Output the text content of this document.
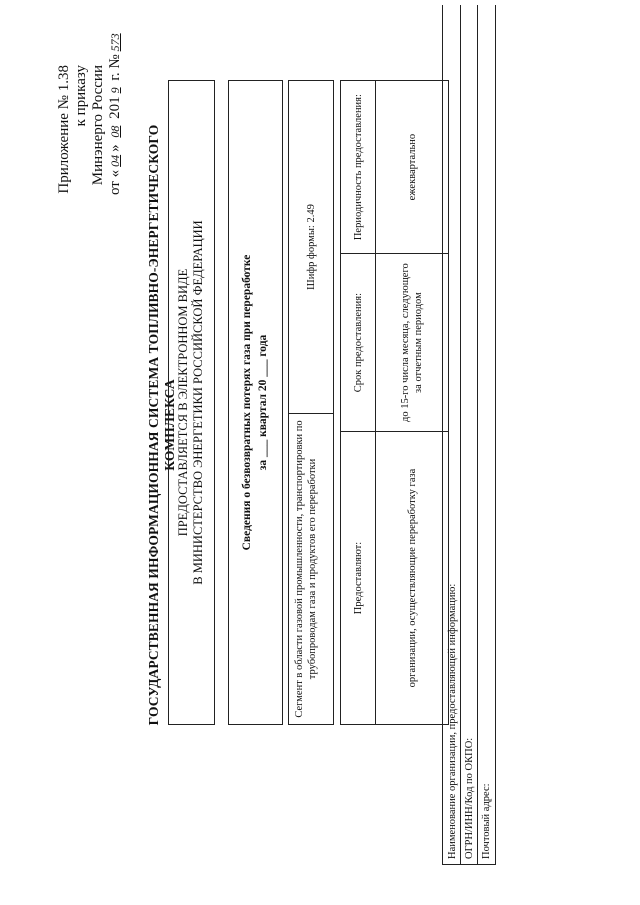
Приложение № 1.38 к приказу Минэнерго России от «04» 08 2019 г. №573
ГОСУДАРСТВЕННАЯ ИНФОРМАЦИОННАЯ СИСТЕМА ТОПЛИВНО-ЭНЕРГЕТИЧЕСКОГО КОМПЛЕКСА ПРЕДОСТАВЛЯЕТСЯ В ЭЛЕКТРОННОМ ВИДЕ В МИНИСТЕРСТВО ЭНЕРГЕТИКИ РОССИЙСКОЙ ФЕДЕРАЦИИ	Сведения о безвозвратных потерях газа при переработке за ___ квартал 20 ___ года
Сегмент в области газовой промышленности, транспортировки по трубопроводам газа и продуктов его переработки	Шифр формы: 2.49
Предоставляют:	Срок предоставления:	Периодичность предоставления:
организации, осуществляющие переработку газа	до 15-го числа месяца, следующего за отчетным периодом	ежеквартально
Наименование организации, предоставляющей информацию: ОГРН/ИНН/Код по ОКПО: Почтовый адрес:
